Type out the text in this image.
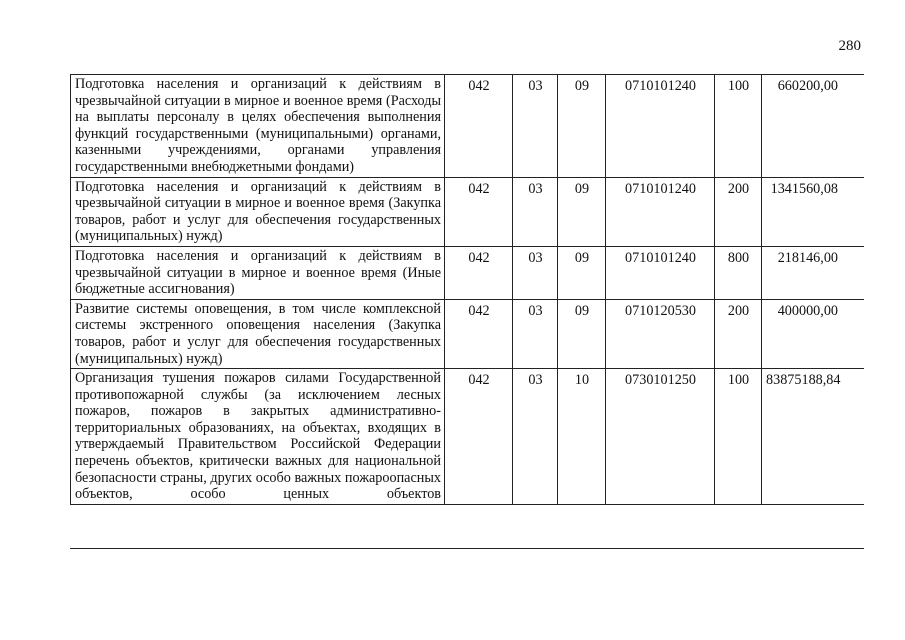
280
Подготовка населения и организаций к действиям в чрезвычайной ситуации в мирное и военное время (Расходы на выплаты персоналу в целях обеспечения выполнения функций государственными (муниципальными) органами, казенными учреждениями, органами управления государственными внебюджетными фондами)	042	03	09	0710101240	100	660200,00
Подготовка населения и организаций к действиям в чрезвычайной ситуации в мирное и военное время (Закупка товаров, работ и услуг для обеспечения государственных (муниципальных) нужд)	042	03	09	0710101240	200	1341560,08
Подготовка населения и организаций к действиям в чрезвычайной ситуации в мирное и военное время (Иные бюджетные ассигнования)	042	03	09	0710101240	800	218146,00
Развитие системы оповещения, в том числе комплексной системы экстренного оповещения населения (Закупка товаров, работ и услуг для обеспечения государственных (муниципальных) нужд)	042	03	09	0710120530	200	400000,00
Организация тушения пожаров силами Государственной противопожарной службы (за исключением лесных пожаров, пожаров в закрытых административно-территориальных образованиях, на объектах, входящих в утверждаемый Правительством Российской Федерации перечень объектов, критически важных для национальной безопасности страны, других особо важных пожароопасных объектов, особо ценных объектов	042	03	10	0730101250	100	83875188,84
